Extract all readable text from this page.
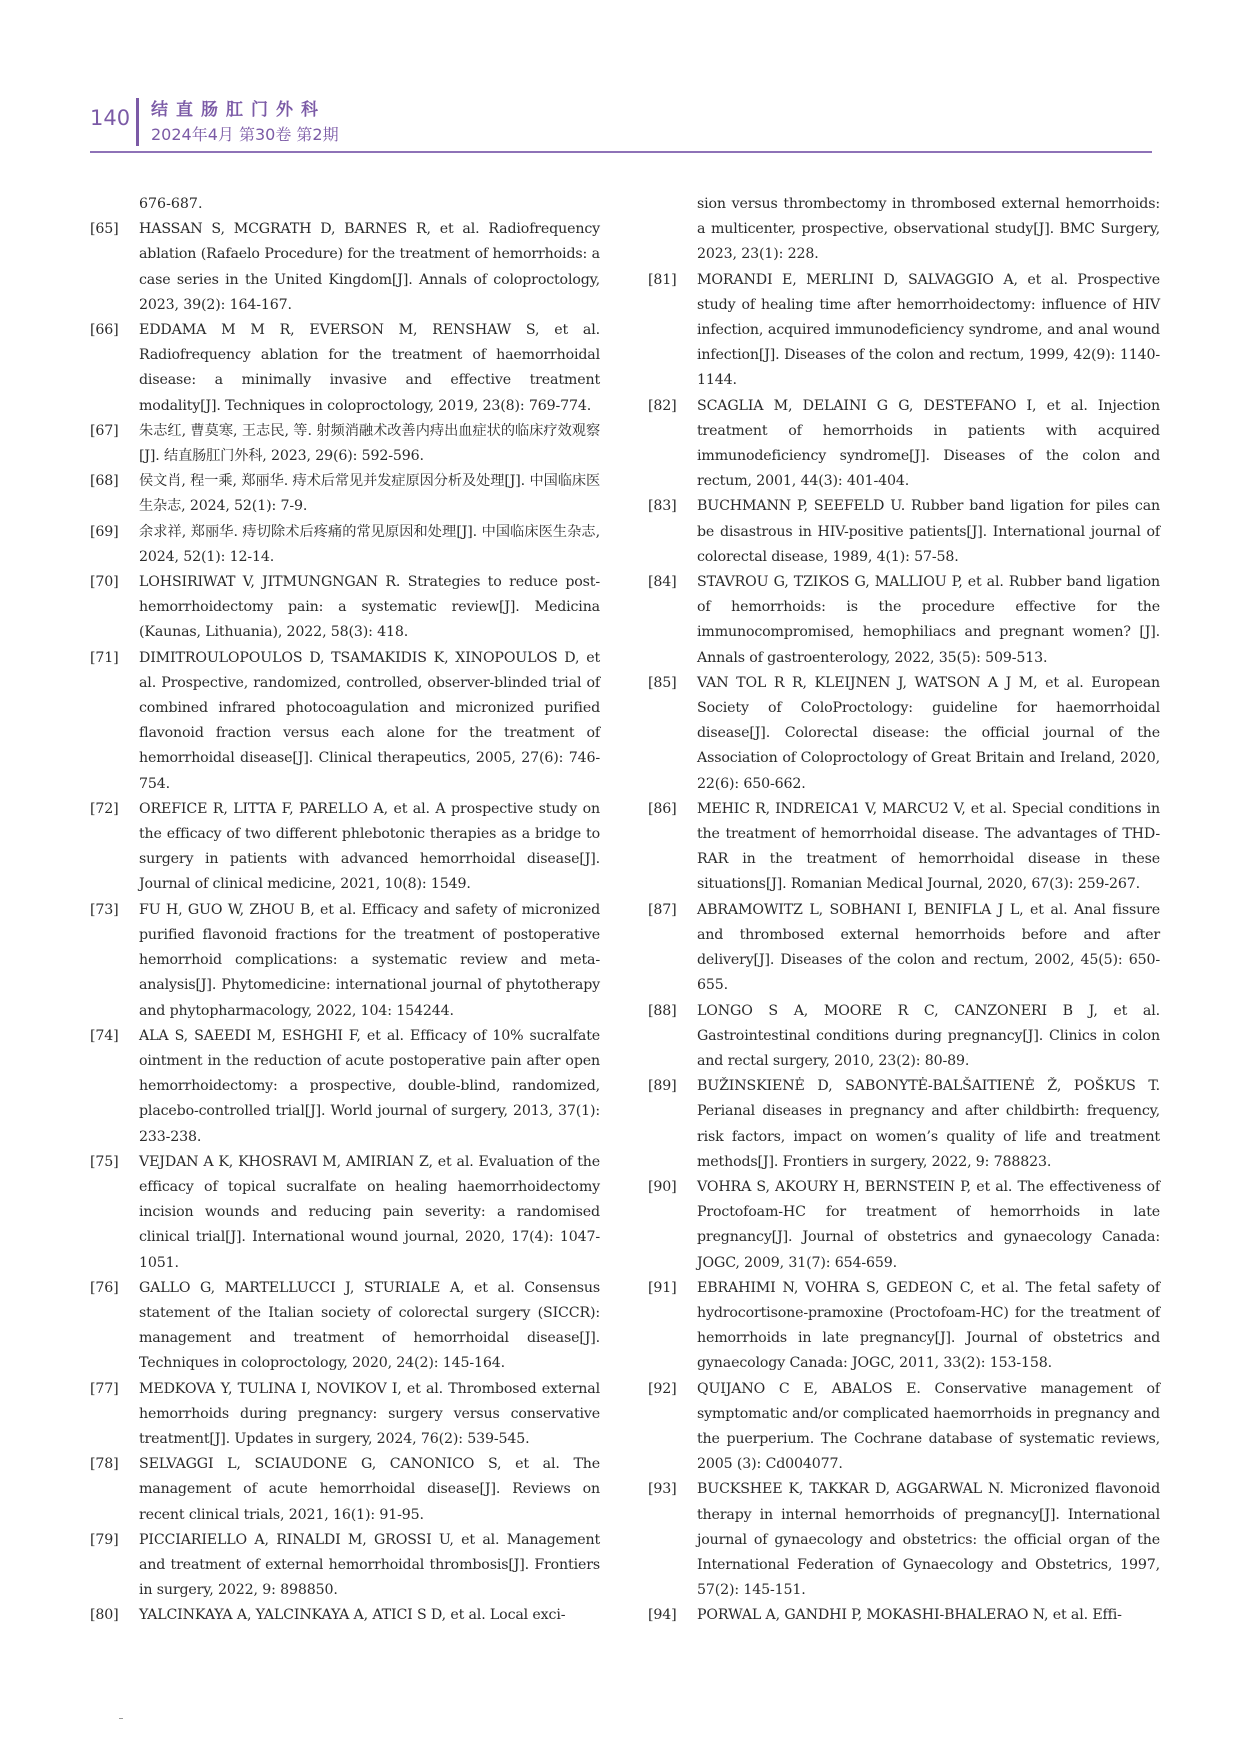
140 结直肠肛门外科
2024年4月 第30卷 第2期
676-687.
[65] HASSAN S, MCGRATH D, BARNES R, et al. Radiofrequency ablation (Rafaelo Procedure) for the treatment of hemorrhoids: a case series in the United Kingdom[J]. Annals of coloproctology, 2023, 39(2): 164-167.
[66] EDDAMA M M R, EVERSON M, RENSHAW S, et al. Radiofrequency ablation for the treatment of haemorrhoidal disease: a minimally invasive and effective treatment modality[J]. Techniques in coloproctology, 2019, 23(8): 769-774.
[67] 朱志红, 曹莫寒, 王志民, 等. 射频消融术改善内痔出血症状的临床疗效观察[J]. 结直肠肛门外科, 2023, 29(6): 592-596.
[68] 侯文肖, 程一乘, 郑丽华. 痔术后常见并发症原因分析及处理[J]. 中国临床医生杂志, 2024, 52(1): 7-9.
[69] 余求祥, 郑丽华. 痔切除术后疼痛的常见原因和处理[J]. 中国临床医生杂志, 2024, 52(1): 12-14.
[70] LOHSIRIWAT V, JITMUNGNGAN R. Strategies to reduce post-hemorrhoidectomy pain: a systematic review[J]. Medicina (Kaunas, Lithuania), 2022, 58(3): 418.
[71] DIMITROULOPOULOS D, TSAMAKIDIS K, XINOPOULOS D, et al. Prospective, randomized, controlled, observer-blinded trial of combined infrared photocoagulation and micronized purified flavonoid fraction versus each alone for the treatment of hemorrhoidal disease[J]. Clinical therapeutics, 2005, 27(6): 746-754.
[72] OREFICE R, LITTA F, PARELLO A, et al. A prospective study on the efficacy of two different phlebotonic therapies as a bridge to surgery in patients with advanced hemorrhoidal disease[J]. Journal of clinical medicine, 2021, 10(8): 1549.
[73] FU H, GUO W, ZHOU B, et al. Efficacy and safety of micronized purified flavonoid fractions for the treatment of postoperative hemorrhoid complications: a systematic review and meta-analysis[J]. Phytomedicine: international journal of phytotherapy and phytopharmacology, 2022, 104: 154244.
[74] ALA S, SAEEDI M, ESHGHI F, et al. Efficacy of 10% sucralfate ointment in the reduction of acute postoperative pain after open hemorrhoidectomy: a prospective, double-blind, randomized, placebo-controlled trial[J]. World journal of surgery, 2013, 37(1): 233-238.
[75] VEJDAN A K, KHOSRAVI M, AMIRIAN Z, et al. Evaluation of the efficacy of topical sucralfate on healing haemorrhoidectomy incision wounds and reducing pain severity: a randomised clinical trial[J]. International wound journal, 2020, 17(4): 1047-1051.
[76] GALLO G, MARTELLUCCI J, STURIALE A, et al. Consensus statement of the Italian society of colorectal surgery (SICCR): management and treatment of hemorrhoidal disease[J]. Techniques in coloproctology, 2020, 24(2): 145-164.
[77] MEDKOVA Y, TULINA I, NOVIKOV I, et al. Thrombosed external hemorrhoids during pregnancy: surgery versus conservative treatment[J]. Updates in surgery, 2024, 76(2): 539-545.
[78] SELVAGGI L, SCIAUDONE G, CANONICO S, et al. The management of acute hemorrhoidal disease[J]. Reviews on recent clinical trials, 2021, 16(1): 91-95.
[79] PICCIARIELLO A, RINALDI M, GROSSI U, et al. Management and treatment of external hemorrhoidal thrombosis[J]. Frontiers in surgery, 2022, 9: 898850.
[80] YALCINKAYA A, YALCINKAYA A, ATICI S D, et al. Local exci-
sion versus thrombectomy in thrombosed external hemorrhoids: a multicenter, prospective, observational study[J]. BMC Surgery, 2023, 23(1): 228.
[81] MORANDI E, MERLINI D, SALVAGGIO A, et al. Prospective study of healing time after hemorrhoidectomy: influence of HIV infection, acquired immunodeficiency syndrome, and anal wound infection[J]. Diseases of the colon and rectum, 1999, 42(9): 1140-1144.
[82] SCAGLIA M, DELAINI G G, DESTEFANO I, et al. Injection treatment of hemorrhoids in patients with acquired immunodeficiency syndrome[J]. Diseases of the colon and rectum, 2001, 44(3): 401-404.
[83] BUCHMANN P, SEEFELD U. Rubber band ligation for piles can be disastrous in HIV-positive patients[J]. International journal of colorectal disease, 1989, 4(1): 57-58.
[84] STAVROU G, TZIKOS G, MALLIOU P, et al. Rubber band ligation of hemorrhoids: is the procedure effective for the immunocompromised, hemophiliacs and pregnant women? [J]. Annals of gastroenterology, 2022, 35(5): 509-513.
[85] VAN TOL R R, KLEIJNEN J, WATSON A J M, et al. European Society of ColoProctology: guideline for haemorrhoidal disease[J]. Colorectal disease: the official journal of the Association of Coloproctology of Great Britain and Ireland, 2020, 22(6): 650-662.
[86] MEHIC R, INDREICA1 V, MARCU2 V, et al. Special conditions in the treatment of hemorrhoidal disease. The advantages of THD-RAR in the treatment of hemorrhoidal disease in these situations[J]. Romanian Medical Journal, 2020, 67(3): 259-267.
[87] ABRAMOWITZ L, SOBHANI I, BENIFLA J L, et al. Anal fissure and thrombosed external hemorrhoids before and after delivery[J]. Diseases of the colon and rectum, 2002, 45(5): 650-655.
[88] LONGO S A, MOORE R C, CANZONERI B J, et al. Gastrointestinal conditions during pregnancy[J]. Clinics in colon and rectal surgery, 2010, 23(2): 80-89.
[89] BUŽINSKIENĖ D, SABONYTĖ-BALŠAITIENĖ Ž, POŠKUS T. Perianal diseases in pregnancy and after childbirth: frequency, risk factors, impact on women’s quality of life and treatment methods[J]. Frontiers in surgery, 2022, 9: 788823.
[90] VOHRA S, AKOURY H, BERNSTEIN P, et al. The effectiveness of Proctofoam-HC for treatment of hemorrhoids in late pregnancy[J]. Journal of obstetrics and gynaecology Canada: JOGC, 2009, 31(7): 654-659.
[91] EBRAHIMI N, VOHRA S, GEDEON C, et al. The fetal safety of hydrocortisone-pramoxine (Proctofoam-HC) for the treatment of hemorrhoids in late pregnancy[J]. Journal of obstetrics and gynaecology Canada: JOGC, 2011, 33(2): 153-158.
[92] QUIJANO C E, ABALOS E. Conservative management of symptomatic and/or complicated haemorrhoids in pregnancy and the puerperium. The Cochrane database of systematic reviews, 2005 (3): Cd004077.
[93] BUCKSHEE K, TAKKAR D, AGGARWAL N. Micronized flavonoid therapy in internal hemorrhoids of pregnancy[J]. International journal of gynaecology and obstetrics: the official organ of the International Federation of Gynaecology and Obstetrics, 1997, 57(2): 145-151.
[94] PORWAL A, GANDHI P, MOKASHI-BHALERAO N, et al. Effi-
